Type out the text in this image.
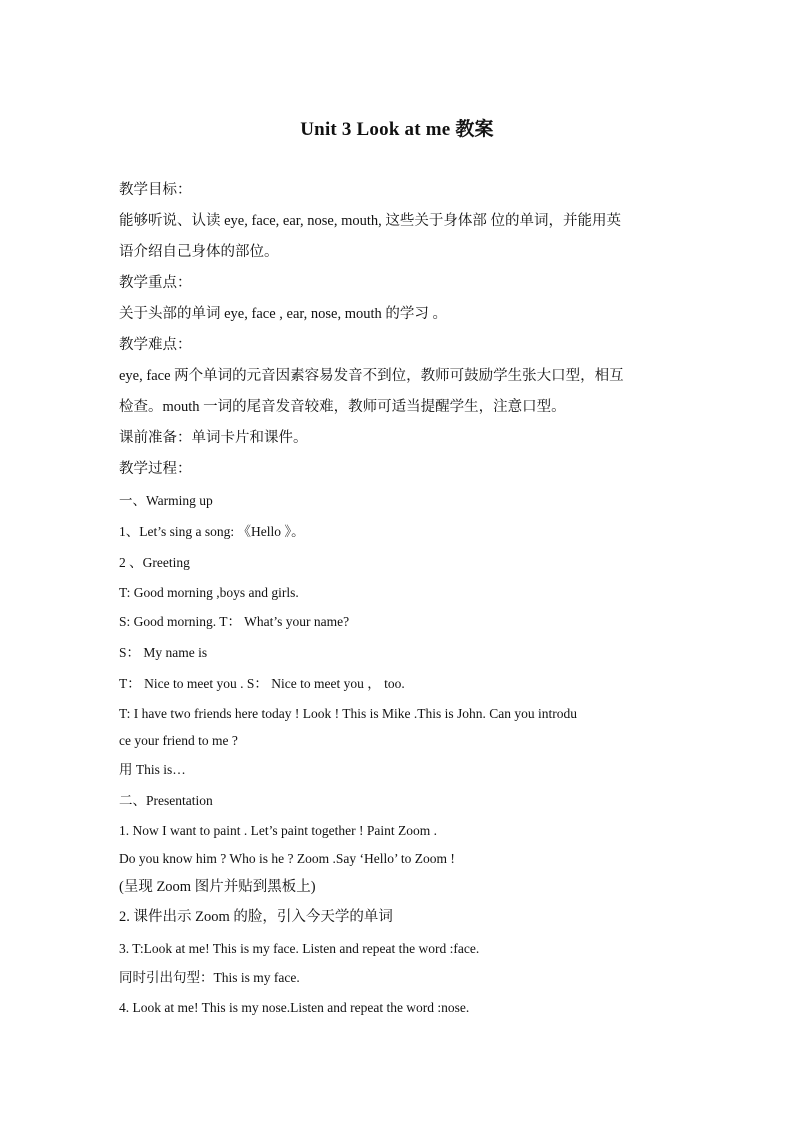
Unit 3 Look at me 教案
教学目标：
能够听说、认读 eye, face, ear, nose, mouth, 这些关于身体部 位的单词，并能用英
语介绍自己身体的部位。
教学重点：
关于头部的单词 eye, face , ear, nose, mouth 的学习 。
教学难点：
eye, face 两个单词的元音因素容易发音不到位，教师可鼓励学生张大口型，相互
检查。mouth 一词的尾音发音较难，教师可适当提醒学生，注意口型。
课前准备：单词卡片和课件。
教学过程：
一、Warming up
1、Let’s sing a song: 《Hello 》。
2 、Greeting
T: Good morning ,boys and girls.
S: Good morning. T： What’s your name?
S： My name is
T： Nice to meet you . S： Nice to meet you ， too.
T: I have two friends here today ! Look ! This is Mike .This is John. Can you introdu
ce your friend to me ?
用 This is…
二、Presentation
1. Now I want to paint . Let’s paint together ! Paint Zoom .
Do you know him ? Who is he ? Zoom .Say ‘Hello’ to Zoom !
(呈现 Zoom 图片并贴到黑板上)
2. 课件出示 Zoom 的脸，引入今天学的单词
3. T:Look at me! This is my face. Listen and repeat the word :face.
同时引出句型：This is my face.
4. Look at me! This is my nose.Listen and repeat the word :nose.
